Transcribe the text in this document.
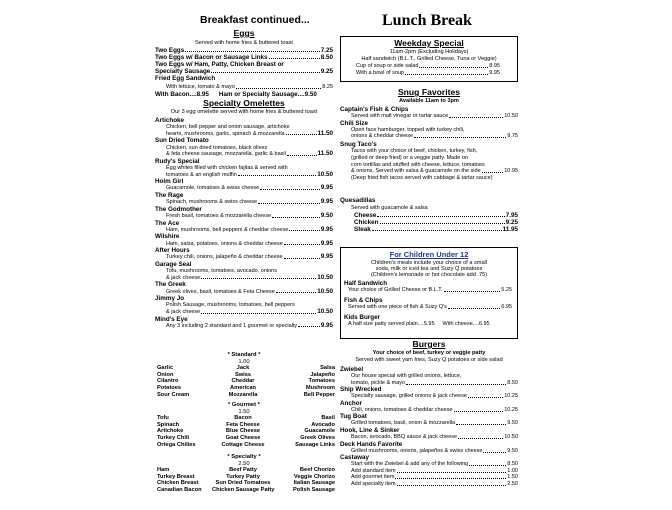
Breakfast continued...
Eggs
Served with home fries & buttered toast
Two Eggs	7.25
Two Eggs w/ Bacon or Sausage Links	8.50
Two Eggs w/ Ham, Patty, Chicken Breast or
Specialty Sausage	9.25
Fried Egg Sandwich
With lettuce, tomato & mayo	8.25
With Bacon....8.95 Ham or Specialty Sausage....9.50
Specialty Omelettes
Our 3 egg omelette served with home fries & buttered toast
Artichoke
Chicken, bell pepper and onion sausage, artichoke
hearts, mushrooms, garlic, spinach & mozzarella	11.50
Sun Dried Tomato
Chicken, sun dried tomatoes, black olives
& feta cheese sausage, mozzarella, garlic & basil	11.50
Rudy's Special
Egg whites filled with chicken fajitas & served with
tomatoes & an english muffin	10.50
Holm Girl
Guacamole, tomatoes & swiss cheese	9.95
The Rage
Spinach, mushrooms & swiss cheese	9.95
The Godmother
Fresh basil, tomatoes & mozzarella cheese	9.50
The Ace
Ham, mushrooms, bell peppers & cheddar cheese	9.95
Wilshire
Ham, salsa, potatoes, onions & cheddar cheese	9.95
After Hours
Turkey chili, onions, jalapeño & cheddar cheese	9.95
Garage Seal
Tofu, mushrooms, tomatoes, avocado, onions
& jack cheese	10.50
The Greek
Greek olives, basil, tomatoes & Feta Cheese	10.50
Jimmy Jo
Polish Sausage, mushrooms, tomatoes, bell peppers
& jack cheese	10.50
Mind's Eye
Any 3 including 2 standard and 1 gourmet or specialty	9.95
* Standard *
1.00
Garlic	Jack	Salsa
Onion	Swiss	Jalapeño
Cilantro	Cheddar	Tomatoes
Potatoes	American	Mushroom
Sour Cream	Mozzarella	Bell Pepper
* Gourmet *
1.50
Tofu	Bacon	Basil
Spinach	Feta Cheese	Avocado
Artichoke	Blue Cheese	Guacamole
Turkey Chili	Goat Cheese	Greek Olives
Ortega Chilies	Cottage Cheese	Sausage Links
* Specialty *
2.50
Ham	Beef Patty	Beef Chorizo
Turkey Breast	Turkey Patty	Veggie Chorizo
Chicken Breast	Sun Dried Tomatoes	Italian Sausage
Canadian Bacon	Chicken Sausage Patty	Polish Sausage
Lunch Break
Weekday Special
11am-2pm (Excluding Holidays)
Half sandwich (B.L.T., Grilled Cheese, Tuna or Veggie)
Cup of soup or side salad	8.95
With a bowl of soup	9.95
Snug Favorites
Available 11am to 3pm
Captain's Fish & Chips
Served with malt vinegar or tartar sauce	10.50
Chili Size
Open face hamburger, topped with turkey chili,
onions & cheddar cheese	9.75
Snug Taco's
Tacos with your choice of beef, chicken, turkey, fish,
(grilled or deep fried) or a veggie patty. Made on
corn tortillas and stuffed with cheese, lettuce, tomatoes
& onions. Served with salsa & guacamole on the side	10.95
(Deep fried fish tacos served with cabbage & tartar sauce)
Quesadillas
Served with guacamole & salsa
Cheese	7.95
Chicken	9.25
Steak	11.95
For Children Under 12
Children's meals include your choice of a small
soda, milk or iced tea and Suzy Q potatoes
(Children's lemonade or hot chocolate add .75)
Half Sandwich
Your choice of Grilled Cheese or B.L.T.	5.25
Fish & Chips
Served with one piece of fish & Suzy Q's	6.95
Kids Burger
A half size patty served plain....5.95 With cheese....6.95
Burgers
Your choice of beef, turkey or veggie patty
Served with sweet yam fries, Suzy Q potatoes or side salad
Zwiebel
Our house special with grilled onions, lettuce,
tomato, pickle & mayo	8.50
Ship Wrecked
Specialty sausage, grilled onions & jack cheese	10.25
Anchor
Chili, onions, tomatoes & cheddar cheese	10.25
Tug Boat
Grilled tomatoes, basil, onion & mozzarella	9.50
Hook, Line & Sinker
Bacon, avocado, BBQ sauce & jack cheese	10.50
Deck Hands Favorite
Grilled mushrooms, onions, jalapeños & swiss cheese	9.50
Castaway
Start with the Zwiebel & add any of the following	8.50
Add standard item	1.00
Add gourmet item	1.50
Add specialty item	2.50
